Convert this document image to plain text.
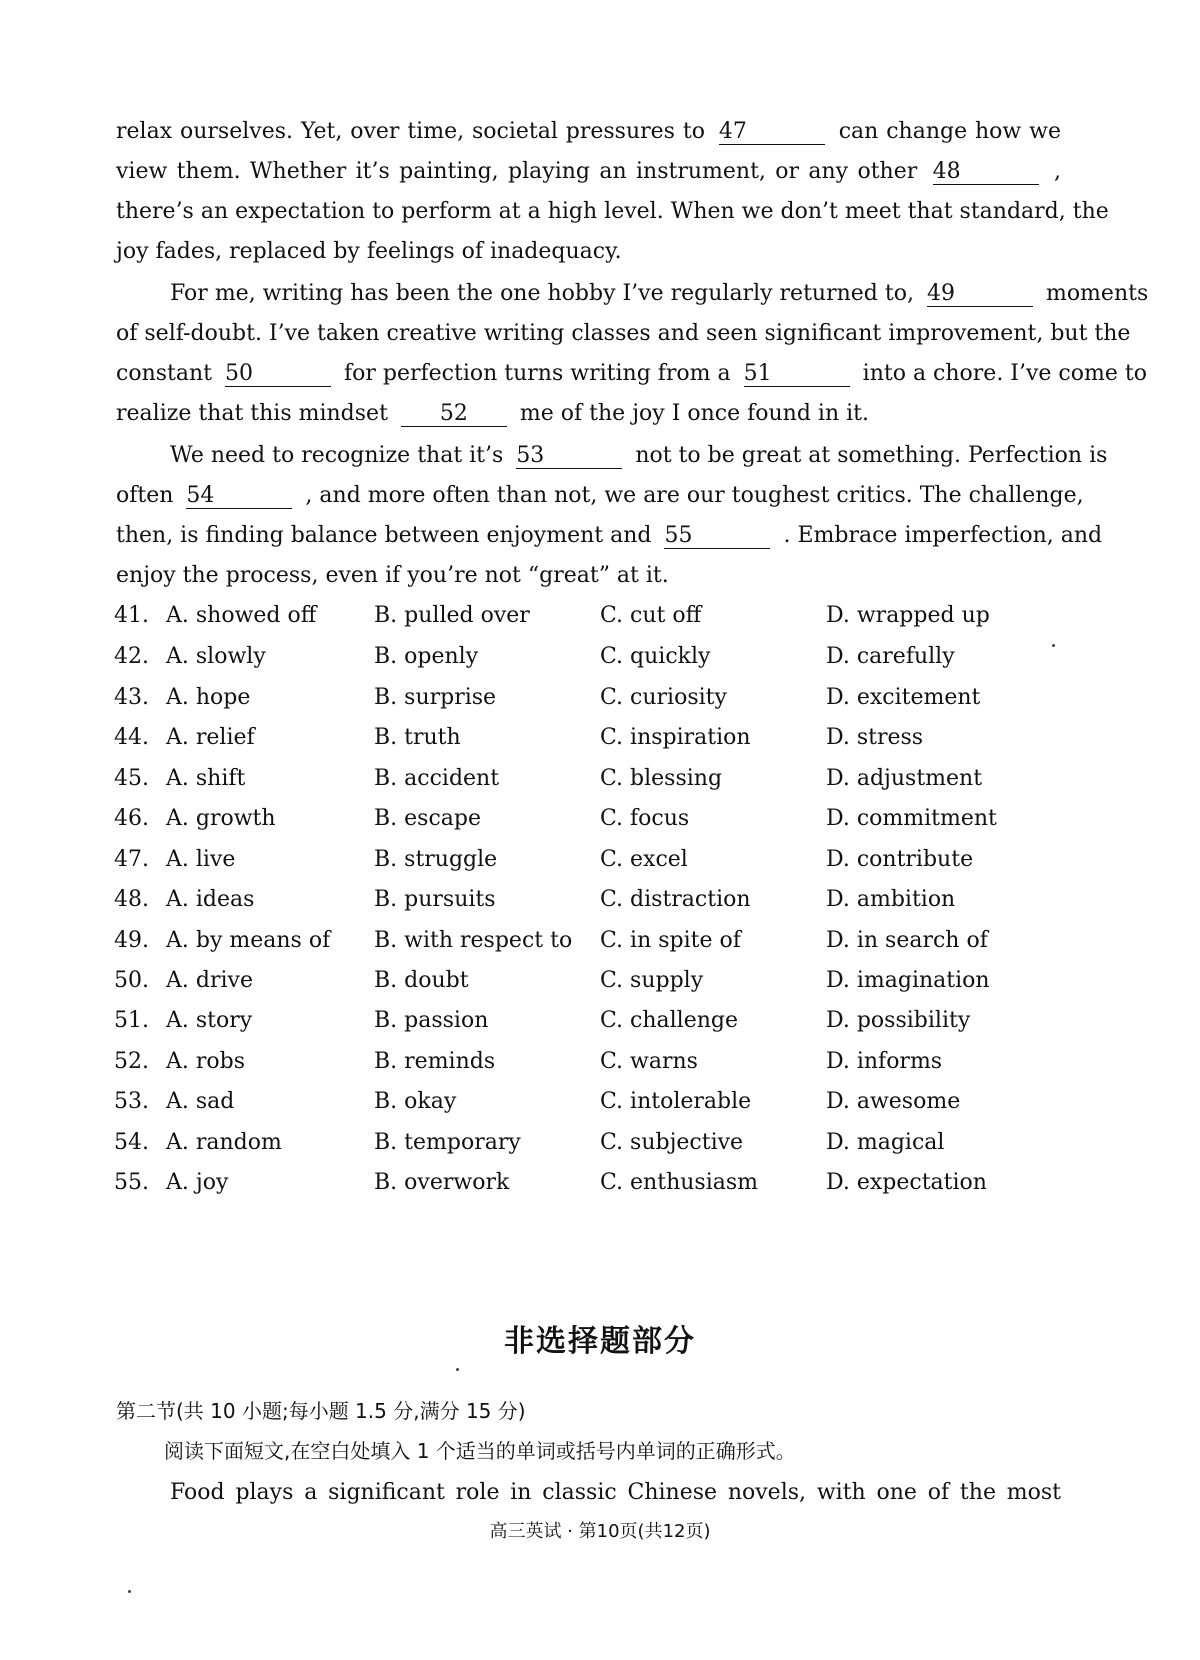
relax ourselves. Yet, over time, societal pressures to 47	can change how we
view them. Whether it’s painting, playing an instrument, or any other 48	,
there’s an expectation to perform at a high level. When we don’t meet that standard, the
joy fades, replaced by feelings of inadequacy.
For me, writing has been the one hobby I’ve regularly returned to, 49	moments
of self-doubt. I’ve taken creative writing classes and seen significant improvement, but the
constant 50	for perfection turns writing from a 51	into a chore. I’ve come to
realize that this mindset 52 me of the joy I once found in it.
We need to recognize that it’s 53	not to be great at something. Perfection is
often 54	, and more often than not, we are our toughest critics. The challenge,
then, is finding balance between enjoyment and 55	. Embrace imperfection, and
enjoy the process, even if you’re not “great” at it.
41. A. showed off	B. pulled over	C. cut off	D. wrapped up
42. A. slowly	B. openly	C. quickly	D. carefully
43. A. hope	B. surprise	C. curiosity	D. excitement
44. A. relief	B. truth	C. inspiration	D. stress
45. A. shift	B. accident	C. blessing	D. adjustment
46. A. growth	B. escape	C. focus	D. commitment
47. A. live	B. struggle	C. excel	D. contribute
48. A. ideas	B. pursuits	C. distraction	D. ambition
49. A. by means of B. with respect to C. in spite of	D. in search of
50. A. drive	B. doubt	C. supply	D. imagination
51. A. story	B. passion	C. challenge	D. possibility
52. A. robs	B. reminds	C. warns	D. informs
53. A. sad	B. okay	C. intolerable	D. awesome
54. A. random	B. temporary	C. subjective	D. magical
55. A. joy	B. overwork	C. enthusiasm	D. expectation
非选择题部分
第二节(共 10 小题;每小题 1.5 分,满分 15 分)
阅读下面短文,在空白处填入 1 个适当的单词或括号内单词的正确形式。
Food plays a significant role in classic Chinese novels, with one of the most
高三英试 · 第10页(共12页)
